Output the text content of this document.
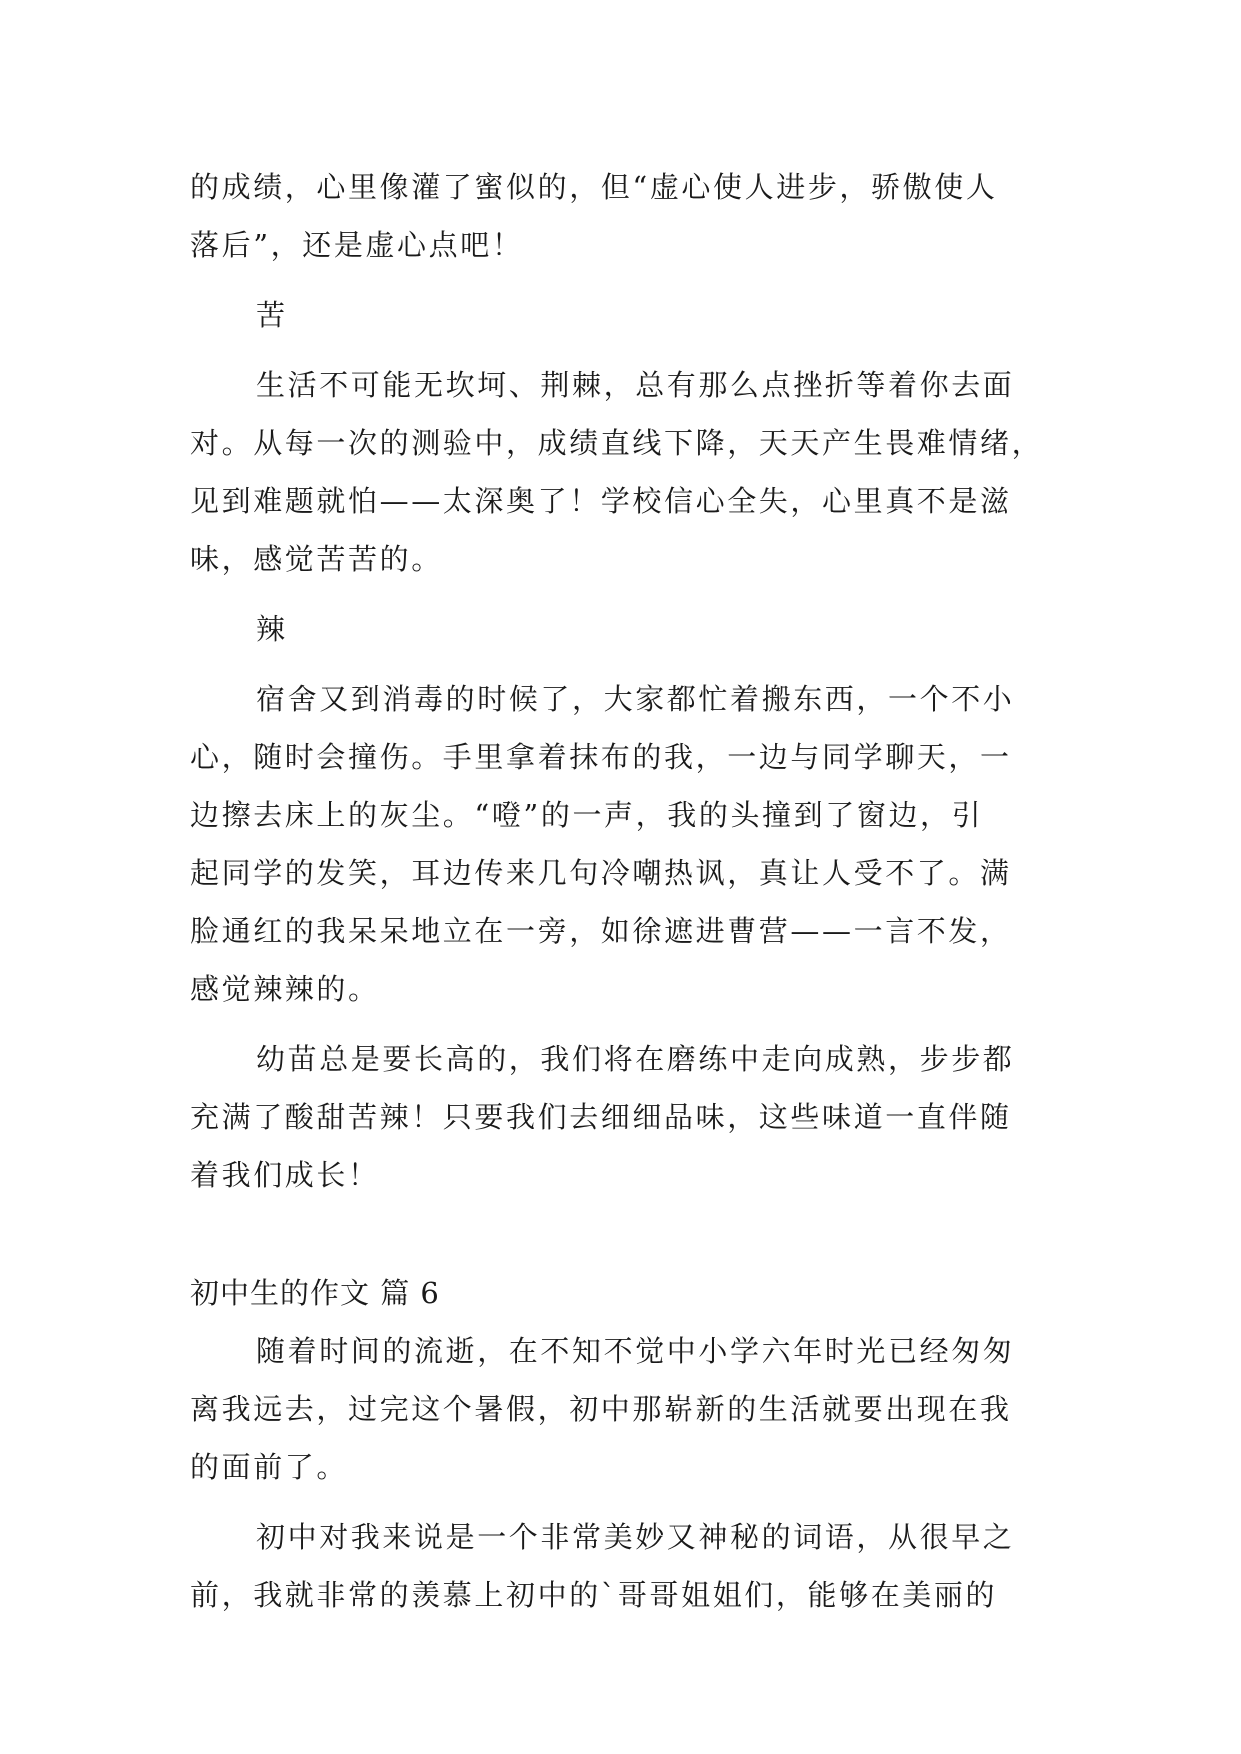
的成绩，心里像灌了蜜似的，但“虚心使人进步，骄傲使人
落后”，还是虚心点吧！
苦
生活不可能无坎坷、荆棘，总有那么点挫折等着你去面
对。从每一次的测验中，成绩直线下降，天天产生畏难情绪，
见到难题就怕——太深奥了！学校信心全失，心里真不是滋
味，感觉苦苦的。
辣
宿舍又到消毒的时候了，大家都忙着搬东西，一个不小
心，随时会撞伤。手里拿着抹布的我，一边与同学聊天，一
边擦去床上的灰尘。“噔”的一声，我的头撞到了窗边，引
起同学的发笑，耳边传来几句冷嘲热讽，真让人受不了。满
脸通红的我呆呆地立在一旁，如徐遮进曹营——一言不发，
感觉辣辣的。
幼苗总是要长高的，我们将在磨练中走向成熟，步步都
充满了酸甜苦辣！只要我们去细细品味，这些味道一直伴随
着我们成长！
初中生的作文 篇 6
随着时间的流逝，在不知不觉中小学六年时光已经匆匆
离我远去，过完这个暑假，初中那崭新的生活就要出现在我
的面前了。
初中对我来说是一个非常美妙又神秘的词语，从很早之
前，我就非常的羡慕上初中的`哥哥姐姐们，能够在美丽的
